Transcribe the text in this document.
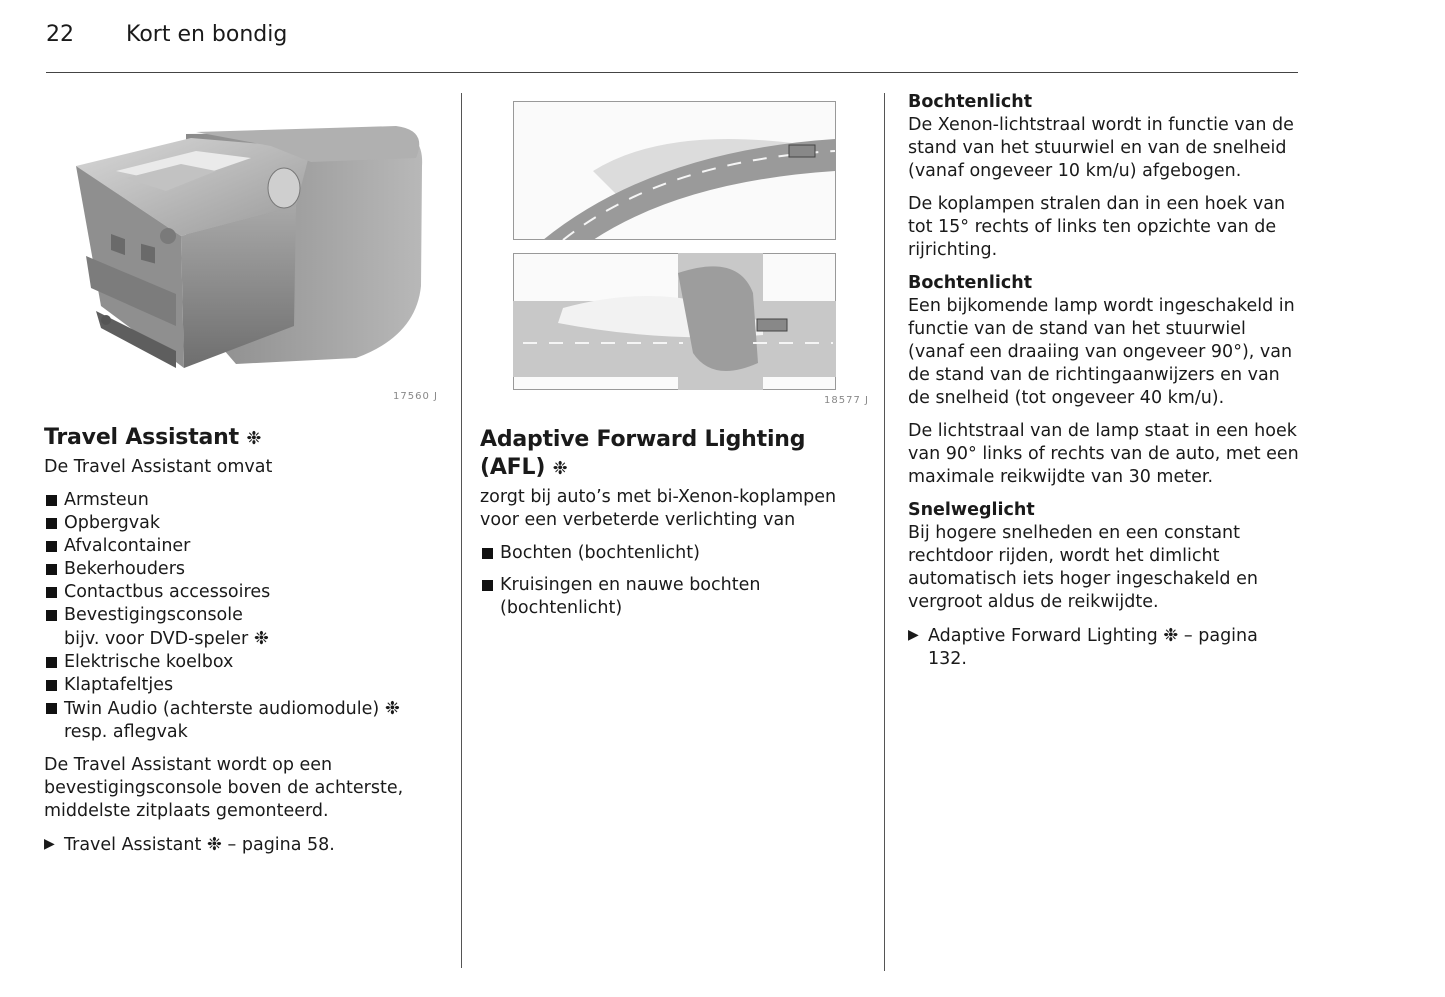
22	Kort en bondig
17560 J	18577 J
Travel Assistant ❉

De Travel Assistant omvat

Armsteun
Opbergvak
Afvalcontainer
Bekerhouders
Contactbus accessoires
Bevestigingsconsole
bijv. voor DVD-speler ❉
Elektrische koelbox
Klaptafeltjes
Twin Audio (achterste audiomodule) ❉
resp. aflegvak

De Travel Assistant wordt op een bevestigingsconsole boven de achterste, middelste zitplaats gemonteerd.

▶ Travel Assistant ❉ – pagina 58.
Adaptive Forward Lighting (AFL) ❉

zorgt bij auto’s met bi-Xenon-koplampen voor een verbeterde verlichting van

Bochten (bochtenlicht)
Kruisingen en nauwe bochten (bochtenlicht)
Bochtenlicht

De Xenon-lichtstraal wordt in functie van de stand van het stuurwiel en van de snelheid (vanaf ongeveer 10 km/u) afgebogen.

De koplampen stralen dan in een hoek van tot 15° rechts of links ten opzichte van de rijrichting.

Bochtenlicht

Een bijkomende lamp wordt ingeschakeld in functie van de stand van het stuurwiel (vanaf een draaiing van ongeveer 90°), van de stand van de richtingaanwijzers en van de snelheid (tot ongeveer 40 km/u).

De lichtstraal van de lamp staat in een hoek van 90° links of rechts van de auto, met een maximale reikwijdte van 30 meter.

Snelweglicht

Bij hogere snelheden en een constant rechtdoor rijden, wordt het dimlicht automatisch iets hoger ingeschakeld en vergroot aldus de reikwijdte.

▶ Adaptive Forward Lighting ❉ – pagina 132.
